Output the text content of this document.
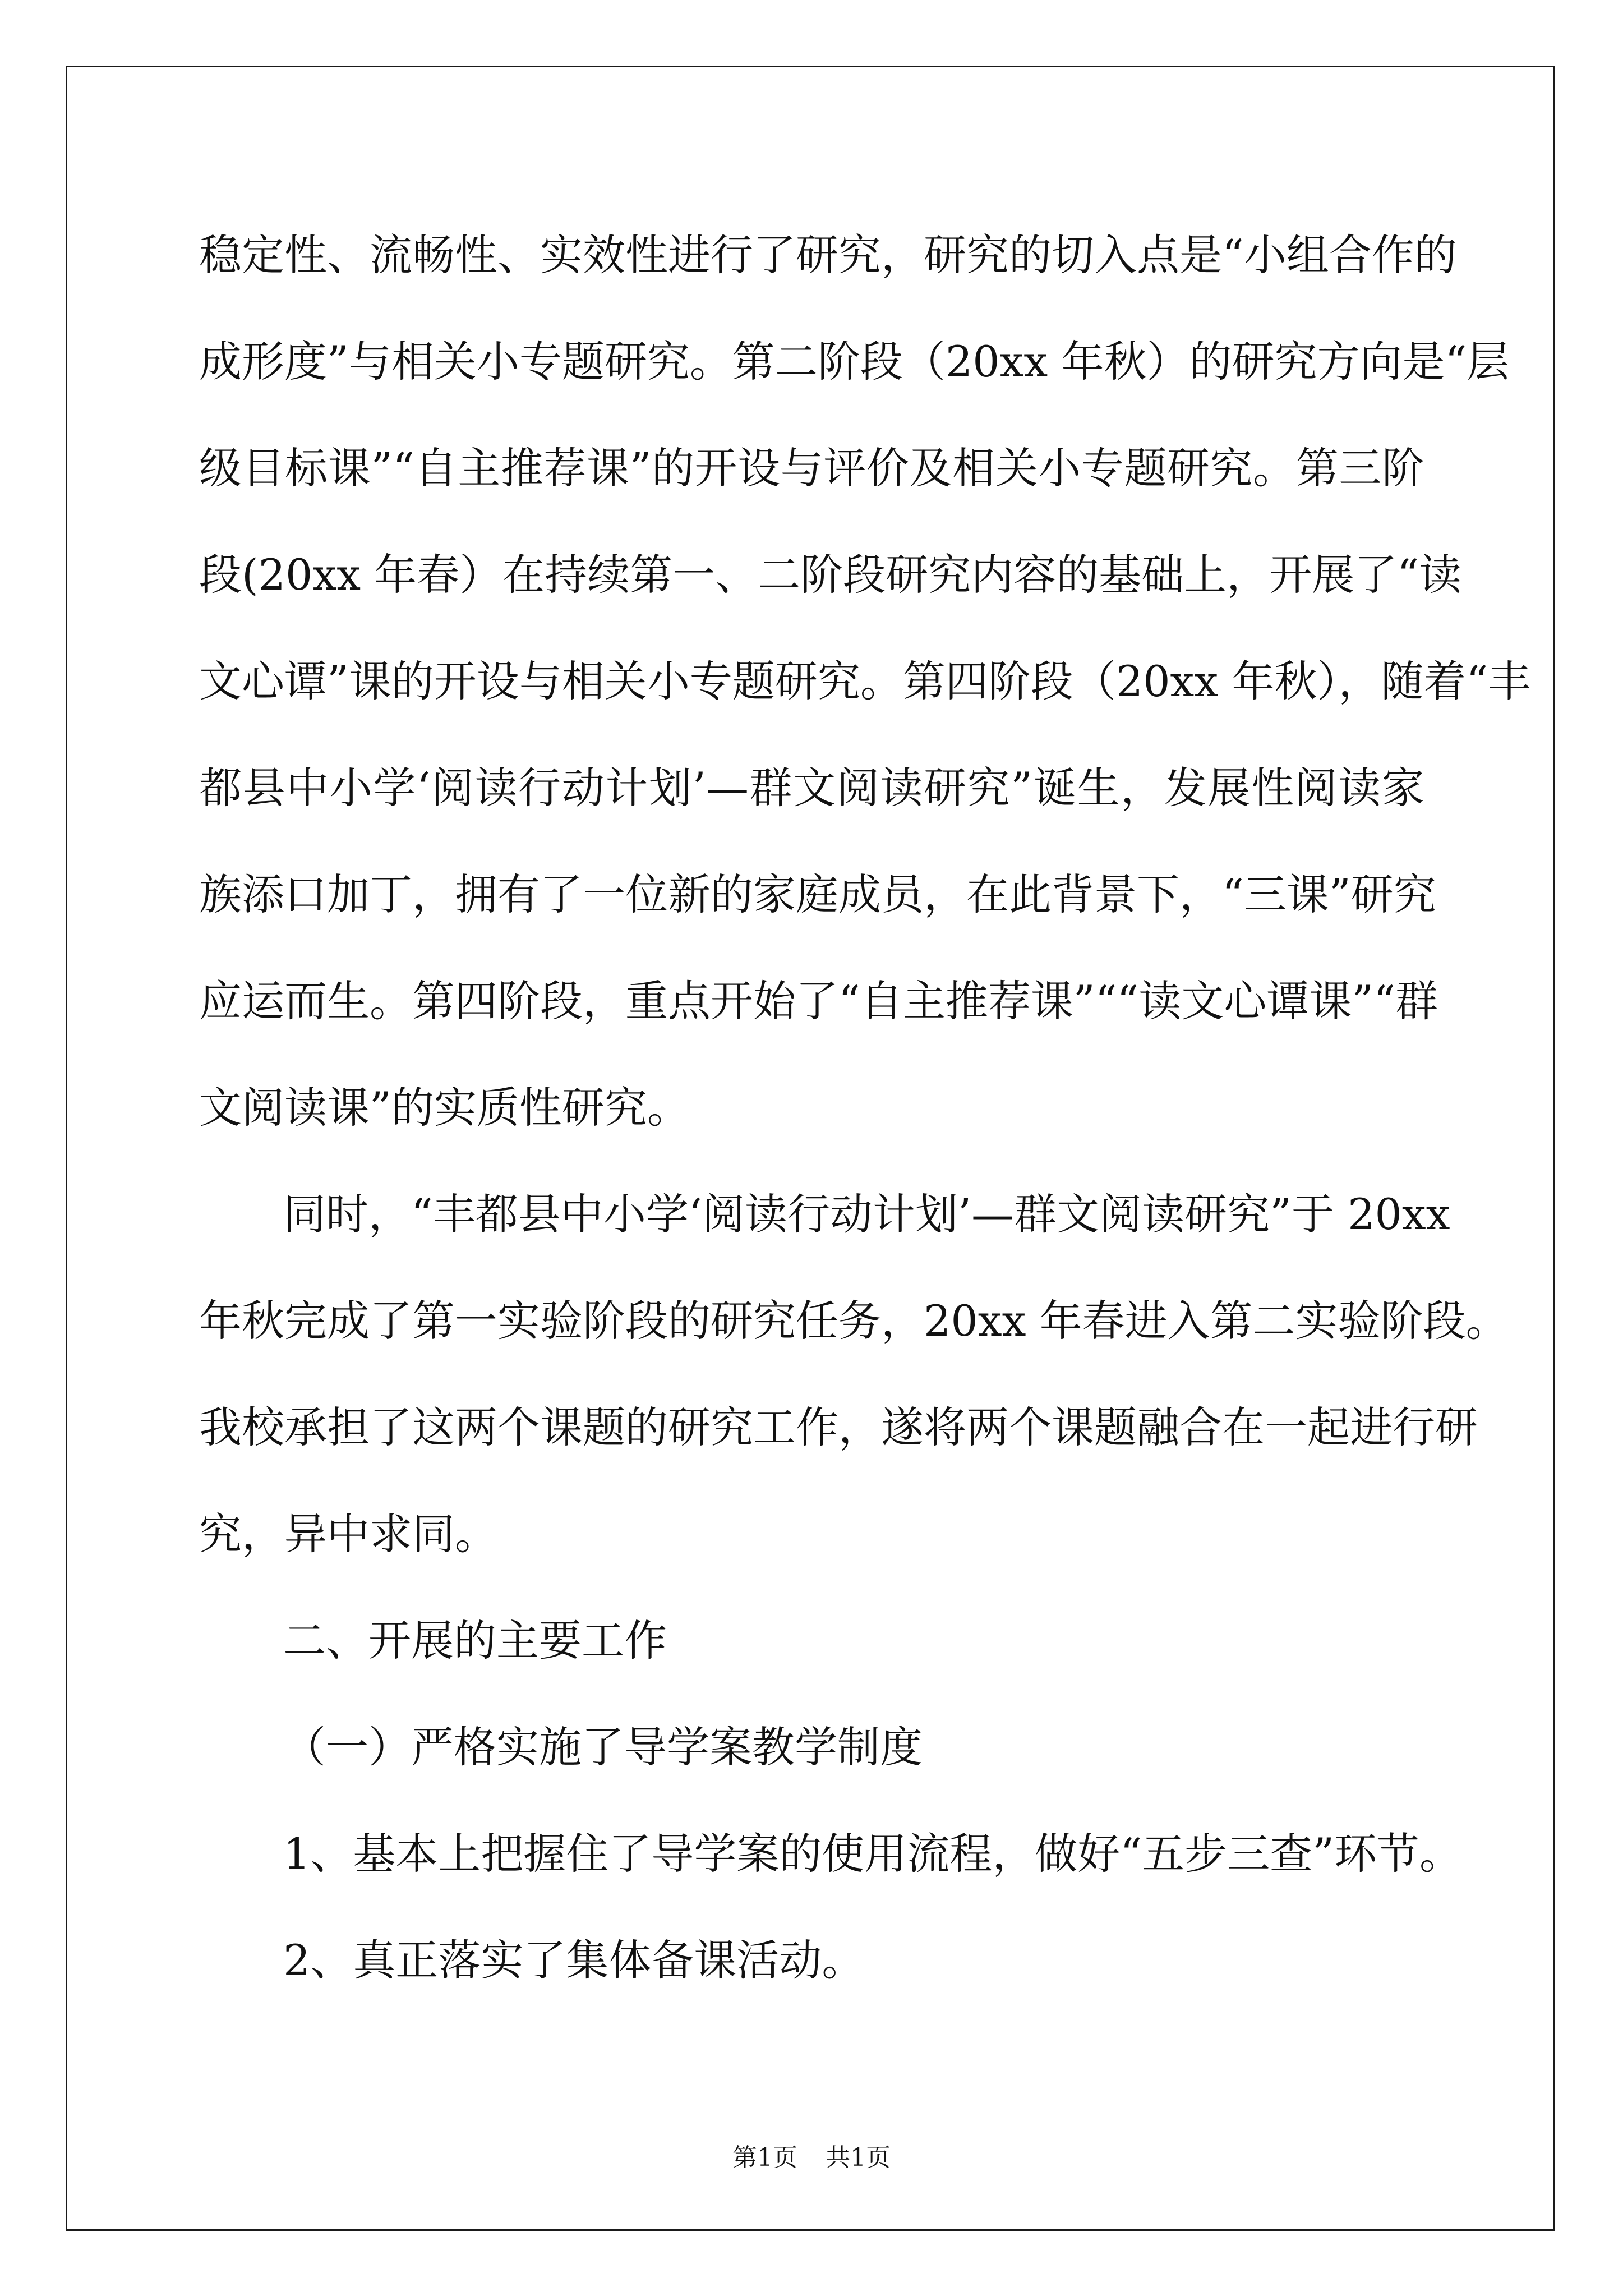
稳定性、流畅性、实效性进行了研究，研究的切入点是“小组合作的
成形度”与相关小专题研究。第二阶段（20xx 年秋）的研究方向是“层
级目标课”“自主推荐课”的开设与评价及相关小专题研究。第三阶
段(20xx 年春）在持续第一、二阶段研究内容的基础上，开展了“读
文心谭”课的开设与相关小专题研究。第四阶段（20xx 年秋），随着“丰
都县中小学‘阅读行动计划’—群文阅读研究”诞生，发展性阅读家
族添口加丁，拥有了一位新的家庭成员，在此背景下，“三课”研究
应运而生。第四阶段，重点开始了“自主推荐课”““读文心谭课”“群
文阅读课”的实质性研究。
同时，“丰都县中小学‘阅读行动计划’—群文阅读研究”于 20xx
年秋完成了第一实验阶段的研究任务，20xx 年春进入第二实验阶段。
我校承担了这两个课题的研究工作，遂将两个课题融合在一起进行研
究，异中求同。
二、开展的主要工作
（一）严格实施了导学案教学制度
1、基本上把握住了导学案的使用流程，做好“五步三查”环节。
2、真正落实了集体备课活动。
第1页 共1页
